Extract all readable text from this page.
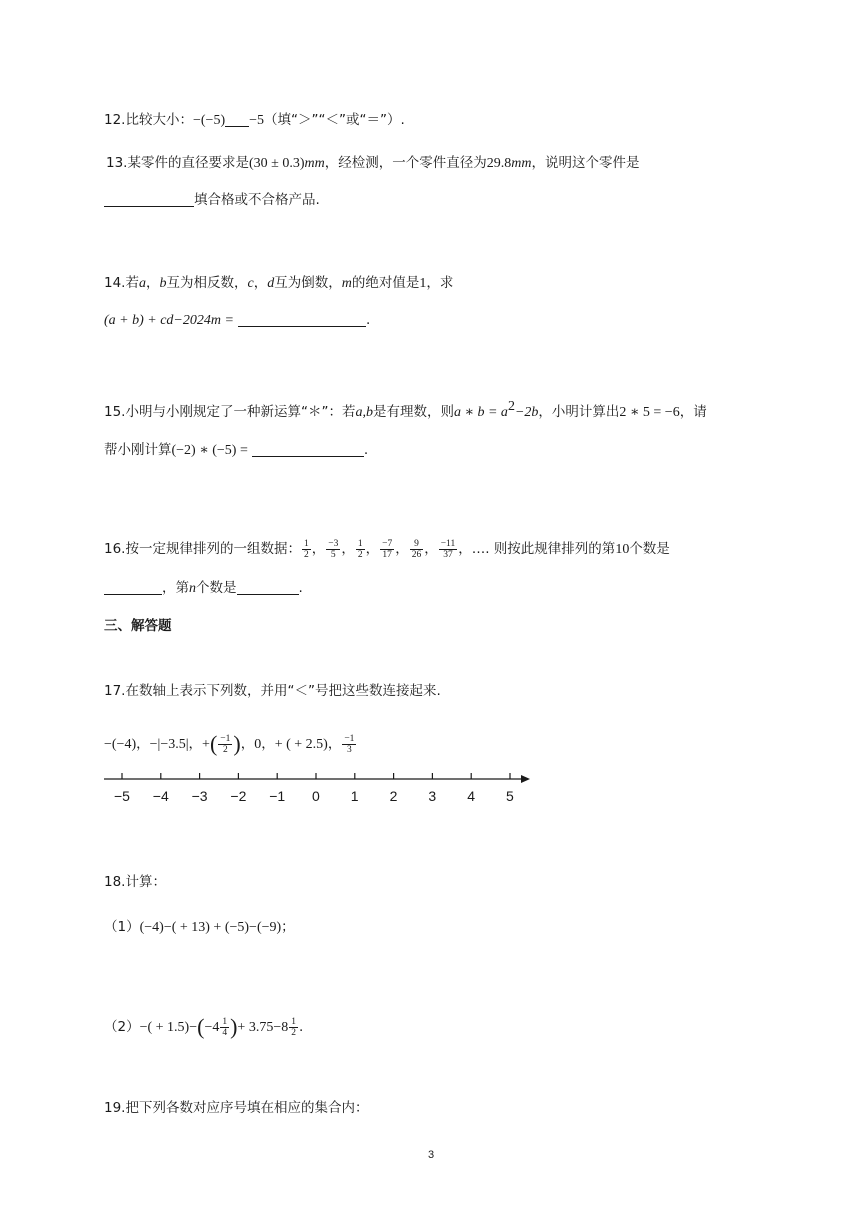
12.比较大小：−(−5) −5（填“＞”“＜”或“＝”）.
13.某零件的直径要求是(30 ± 0.3)mm，经检测，一个零件直径为29.8mm，说明这个零件是
填合格或不合格产品.
14.若a，b互为相反数，c，d互为倒数，m的绝对值是1，求
(a + b) + cd−2024m =	.
15.小明与小刚规定了一种新运算“＊”：若a,b是有理数，则a ∗ $b = a^2-2b$，小明计算出2 ∗ 5 = −6，请
帮小刚计算(−2) ∗ (−5) =	.
16.按一定规律排列的一组数据： $\frac{1}{2}$ ， $\frac{-3}{5}$ ， $\frac{1}{2}$ ， $\frac{-7}{17}$ ， $\frac{9}{26}$ ， $\frac{-11}{37}$ ，…. 则按此规律排列的第10个数是
，第n个数是	.
三、解答题
17.在数轴上表示下列数，并用“＜”号把这些数连接起来.
−(−4)，−|−3.5|，+( $\frac{-1}{2}$ )，0，+ ( + 2.5)， $\frac{-1}{3}$
−5 −4 −3 −2 −1 0 1 2 3 4 5
18.计算：
（1）(−4)−( + 13) + (−5)−(−9)；
$(2)-( + 1.5)-(-4 \frac{1}{4}$ )+ $3.75-8 \frac{1}{2}$ .
19.把下列各数对应序号填在相应的集合内：
3
